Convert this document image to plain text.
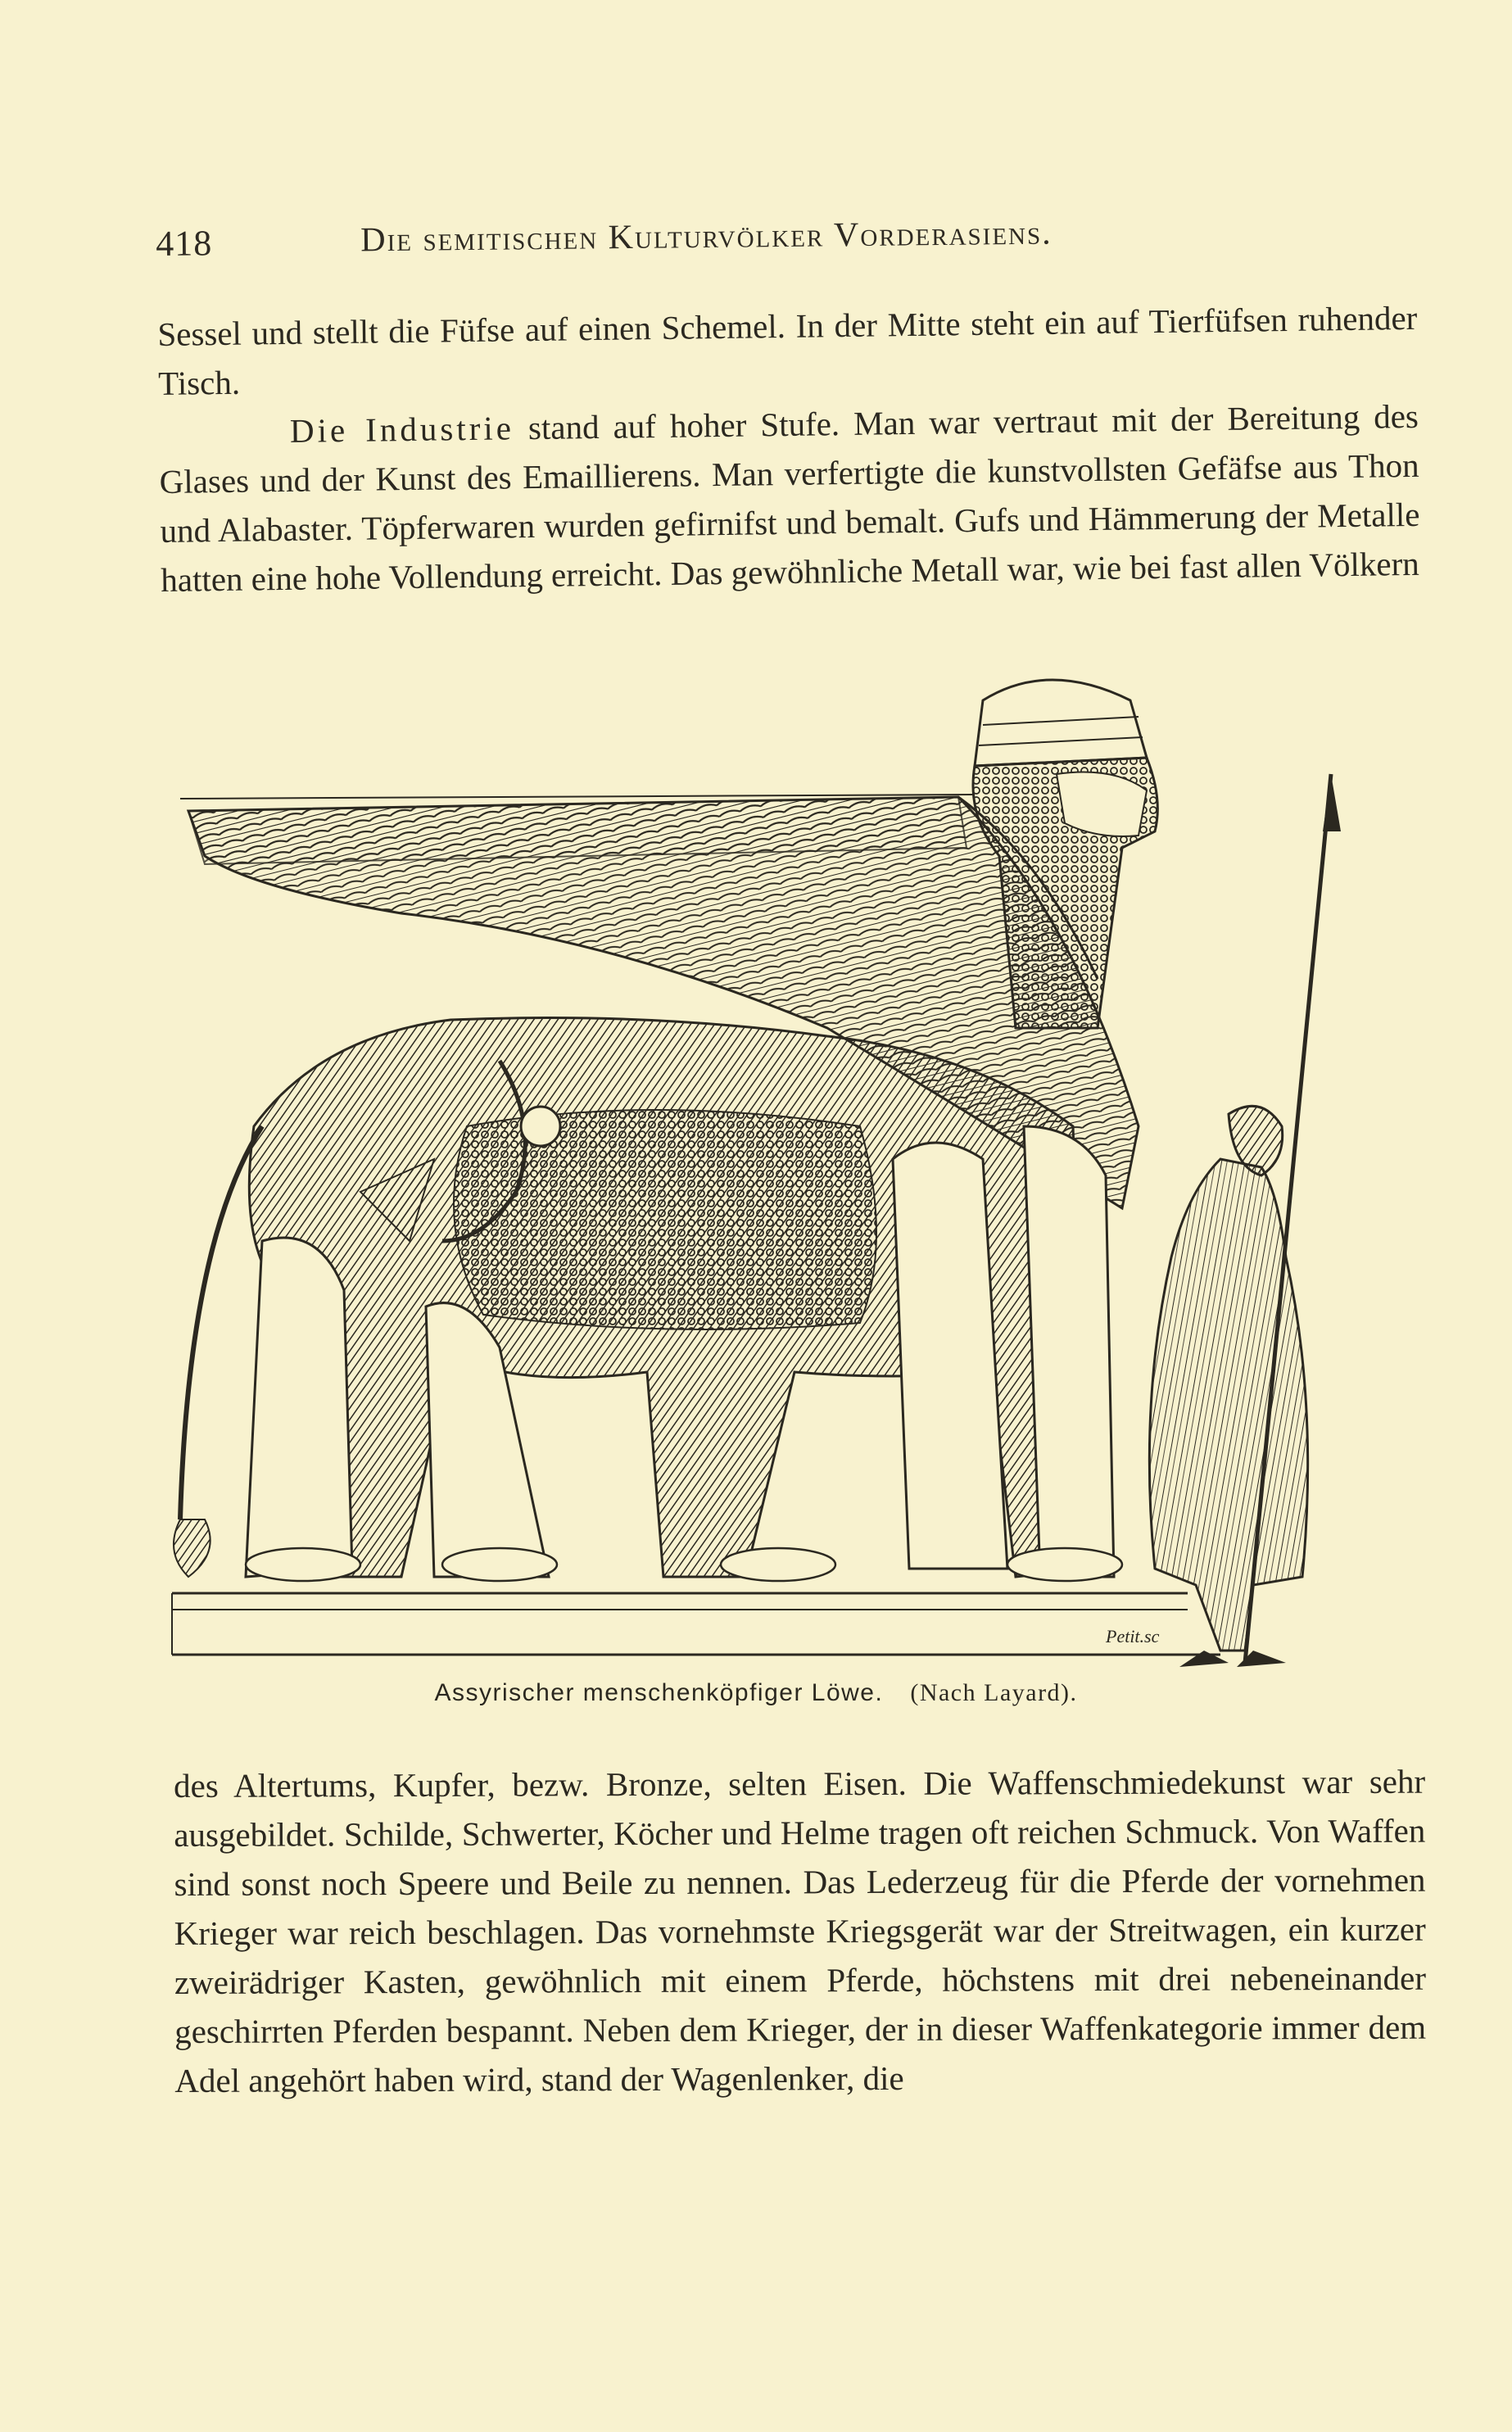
418	Die semitischen Kulturvölker Vorderasiens.

Sessel und stellt die Füfse auf einen Schemel. In der Mitte steht ein auf Tierfüfsen ruhender Tisch.

Die Industrie stand auf hoher Stufe. Man war vertraut mit der Bereitung des Glases und der Kunst des Emaillierens. Man verfertigte die kunstvollsten Gefäfse aus Thon und Alabaster. Töpferwaren wurden gefirnifst und bemalt. Gufs und Hämmerung der Metalle hatten eine hohe Vollendung erreicht. Das gewöhnliche Metall war, wie bei fast allen Völkern

Petit.sc
Assyrischer menschenköpfiger Löwe. (Nach Layard).

des Altertums, Kupfer, bezw. Bronze, selten Eisen. Die Waffenschmiedekunst war sehr ausgebildet. Schilde, Schwerter, Köcher und Helme tragen oft reichen Schmuck. Von Waffen sind sonst noch Speere und Beile zu nennen. Das Lederzeug für die Pferde der vornehmen Krieger war reich beschlagen. Das vornehmste Kriegsgerät war der Streitwagen, ein kurzer zweirädriger Kasten, gewöhnlich mit einem Pferde, höchstens mit drei nebeneinander geschirrten Pferden bespannt. Neben dem Krieger, der in dieser Waffenkategorie immer dem Adel angehört haben wird, stand der Wagenlenker, die
